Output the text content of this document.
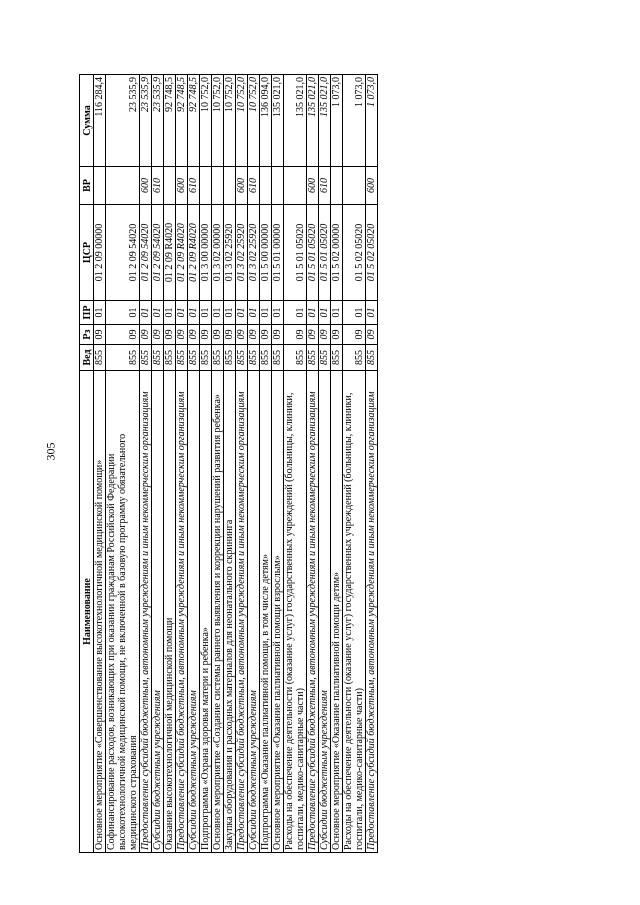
305
Наименование	Вед	Рз	ПР	ЦСР	ВР	Сумма
Основное мероприятие «Совершенствование высокотехнологичной медицинской помощи»	855	09	01	01 2 09 00000		116 284,4
Софинансирование расходов, возникающих при оказании гражданам Российской Федерации высокотехнологичной медицинской помощи, не включенной в базовую программу обязательного медицинского страхования	855	09	01	01 2 09 54020		23 535,9
Предоставление субсидий бюджетным, автономным учреждениям и иным некоммерческим организациям	855	09	01	01 2 09 54020	600	23 535,9
Субсидии бюджетным учреждениям	855	09	01	01 2 09 54020	610	23 535,9
Оказание высокотехнологичной медицинской помощи	855	09	01	01 2 09 R4020		92 748,5
Предоставление субсидий бюджетным, автономным учреждениям и иным некоммерческим организациям	855	09	01	01 2 09 R4020	600	92 748,5
Субсидии бюджетным учреждениям	855	09	01	01 2 09 R4020	610	92 748,5
Подпрограмма «Охрана здоровья матери и ребенка»	855	09	01	01 3 00 00000		10 752,0
Основное мероприятие «Создание системы раннего выявления и коррекции нарушений развития ребенка»	855	09	01	01 3 02 00000		10 752,0
Закупка оборудования и расходных материалов для неонатального скрининга	855	09	01	01 3 02 25920		10 752,0
Предоставление субсидий бюджетным, автономным учреждениям и иным некоммерческим организациям	855	09	01	01 3 02 25920	600	10 752,0
Субсидии бюджетным учреждениям	855	09	01	01 3 02 25920	610	10 752,0
Подпрограмма «Оказание паллиативной помощи, в том числе детям»	855	09	01	01 5 00 00000		136 094,0
Основное мероприятие «Оказание паллиативной помощи взрослым»	855	09	01	01 5 01 00000		135 021,0
Расходы на обеспечение деятельности (оказание услуг) государственных учреждений (больницы, клиники, госпитали, медико-санитарные части)	855	09	01	01 5 01 05020		135 021,0
Предоставление субсидий бюджетным, автономным учреждениям и иным некоммерческим организациям	855	09	01	01 5 01 05020	600	135 021,0
Субсидии бюджетным учреждениям	855	09	01	01 5 01 05020	610	135 021,0
Основное мероприятие «Оказание паллиативной помощи детям»	855	09	01	01 5 02 00000		1 073,0
Расходы на обеспечение деятельности (оказание услуг) государственных учреждений (больницы, клиники, госпитали, медико-санитарные части)	855	09	01	01 5 02 05020		1 073,0
Предоставление субсидий бюджетным, автономным учреждениям и иным некоммерческим организациям	855	09	01	01 5 02 05020	600	1 073,0
